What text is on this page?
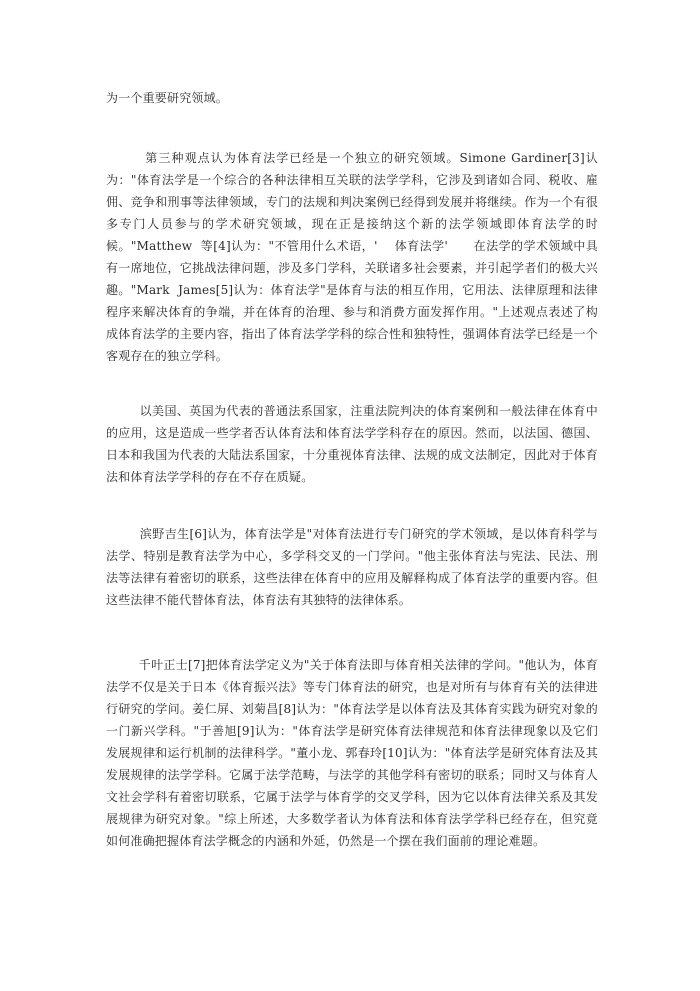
为一个重要研究领域。

第三种观点认为体育法学已经是一个独立的研究领域。Simone Gardiner[3]认为："体育法学是一个综合的各种法律相互关联的法学学科，它涉及到诸如合同、税收、雇佣、竞争和刑事等法律领域，专门的法规和判决案例已经得到发展并将继续。作为一个有很多专门人员参与的学术研究领域，现在正是接纳这个新的法学领域即体育法学的时候。"Matthew  等[4]认为："不管用什么术语，'    体育法学'      在法学的学术领域中具有一席地位，它挑战法律问题，涉及多门学科，关联诸多社会要素，并引起学者们的极大兴趣。"Mark  James[5]认为：体育法学"是体育与法的相互作用，它用法、法律原理和法律程序来解决体育的争端，并在体育的治理、参与和消费方面发挥作用。"上述观点表述了构成体育法学的主要内容，指出了体育法学学科的综合性和独特性，强调体育法学已经是一个客观存在的独立学科。

以美国、英国为代表的普通法系国家，注重法院判决的体育案例和一般法律在体育中的应用，这是造成一些学者否认体育法和体育法学学科存在的原因。然而，以法国、德国、日本和我国为代表的大陆法系国家，十分重视体育法律、法规的成文法制定，因此对于体育法和体育法学学科的存在不存在质疑。

滨野吉生[6]认为，体育法学是"对体育法进行专门研究的学术领域，是以体育科学与法学、特别是教育法学为中心，多学科交叉的一门学问。"他主张体育法与宪法、民法、刑法等法律有着密切的联系，这些法律在体育中的应用及解释构成了体育法学的重要内容。但这些法律不能代替体育法，体育法有其独特的法律体系。

千叶正士[7]把体育法学定义为"关于体育法即与体育相关法律的学问。"他认为，体育法学不仅是关于日本《体育振兴法》等专门体育法的研究，也是对所有与体育有关的法律进行研究的学问。姜仁屏、刘菊昌[8]认为："体育法学是以体育法及其体育实践为研究对象的一门新兴学科。"于善旭[9]认为："体育法学是研究体育法律规范和体育法律现象以及它们发展规律和运行机制的法律科学。"董小龙、郭春玲[10]认为："体育法学是研究体育法及其发展规律的法学学科。它属于法学范畴，与法学的其他学科有密切的联系；同时又与体育人文社会学科有着密切联系，它属于法学与体育学的交叉学科，因为它以体育法律关系及其发展规律为研究对象。"综上所述，大多数学者认为体育法和体育法学学科已经存在，但究竟如何准确把握体育法学概念的内涵和外延，仍然是一个摆在我们面前的理论难题。
